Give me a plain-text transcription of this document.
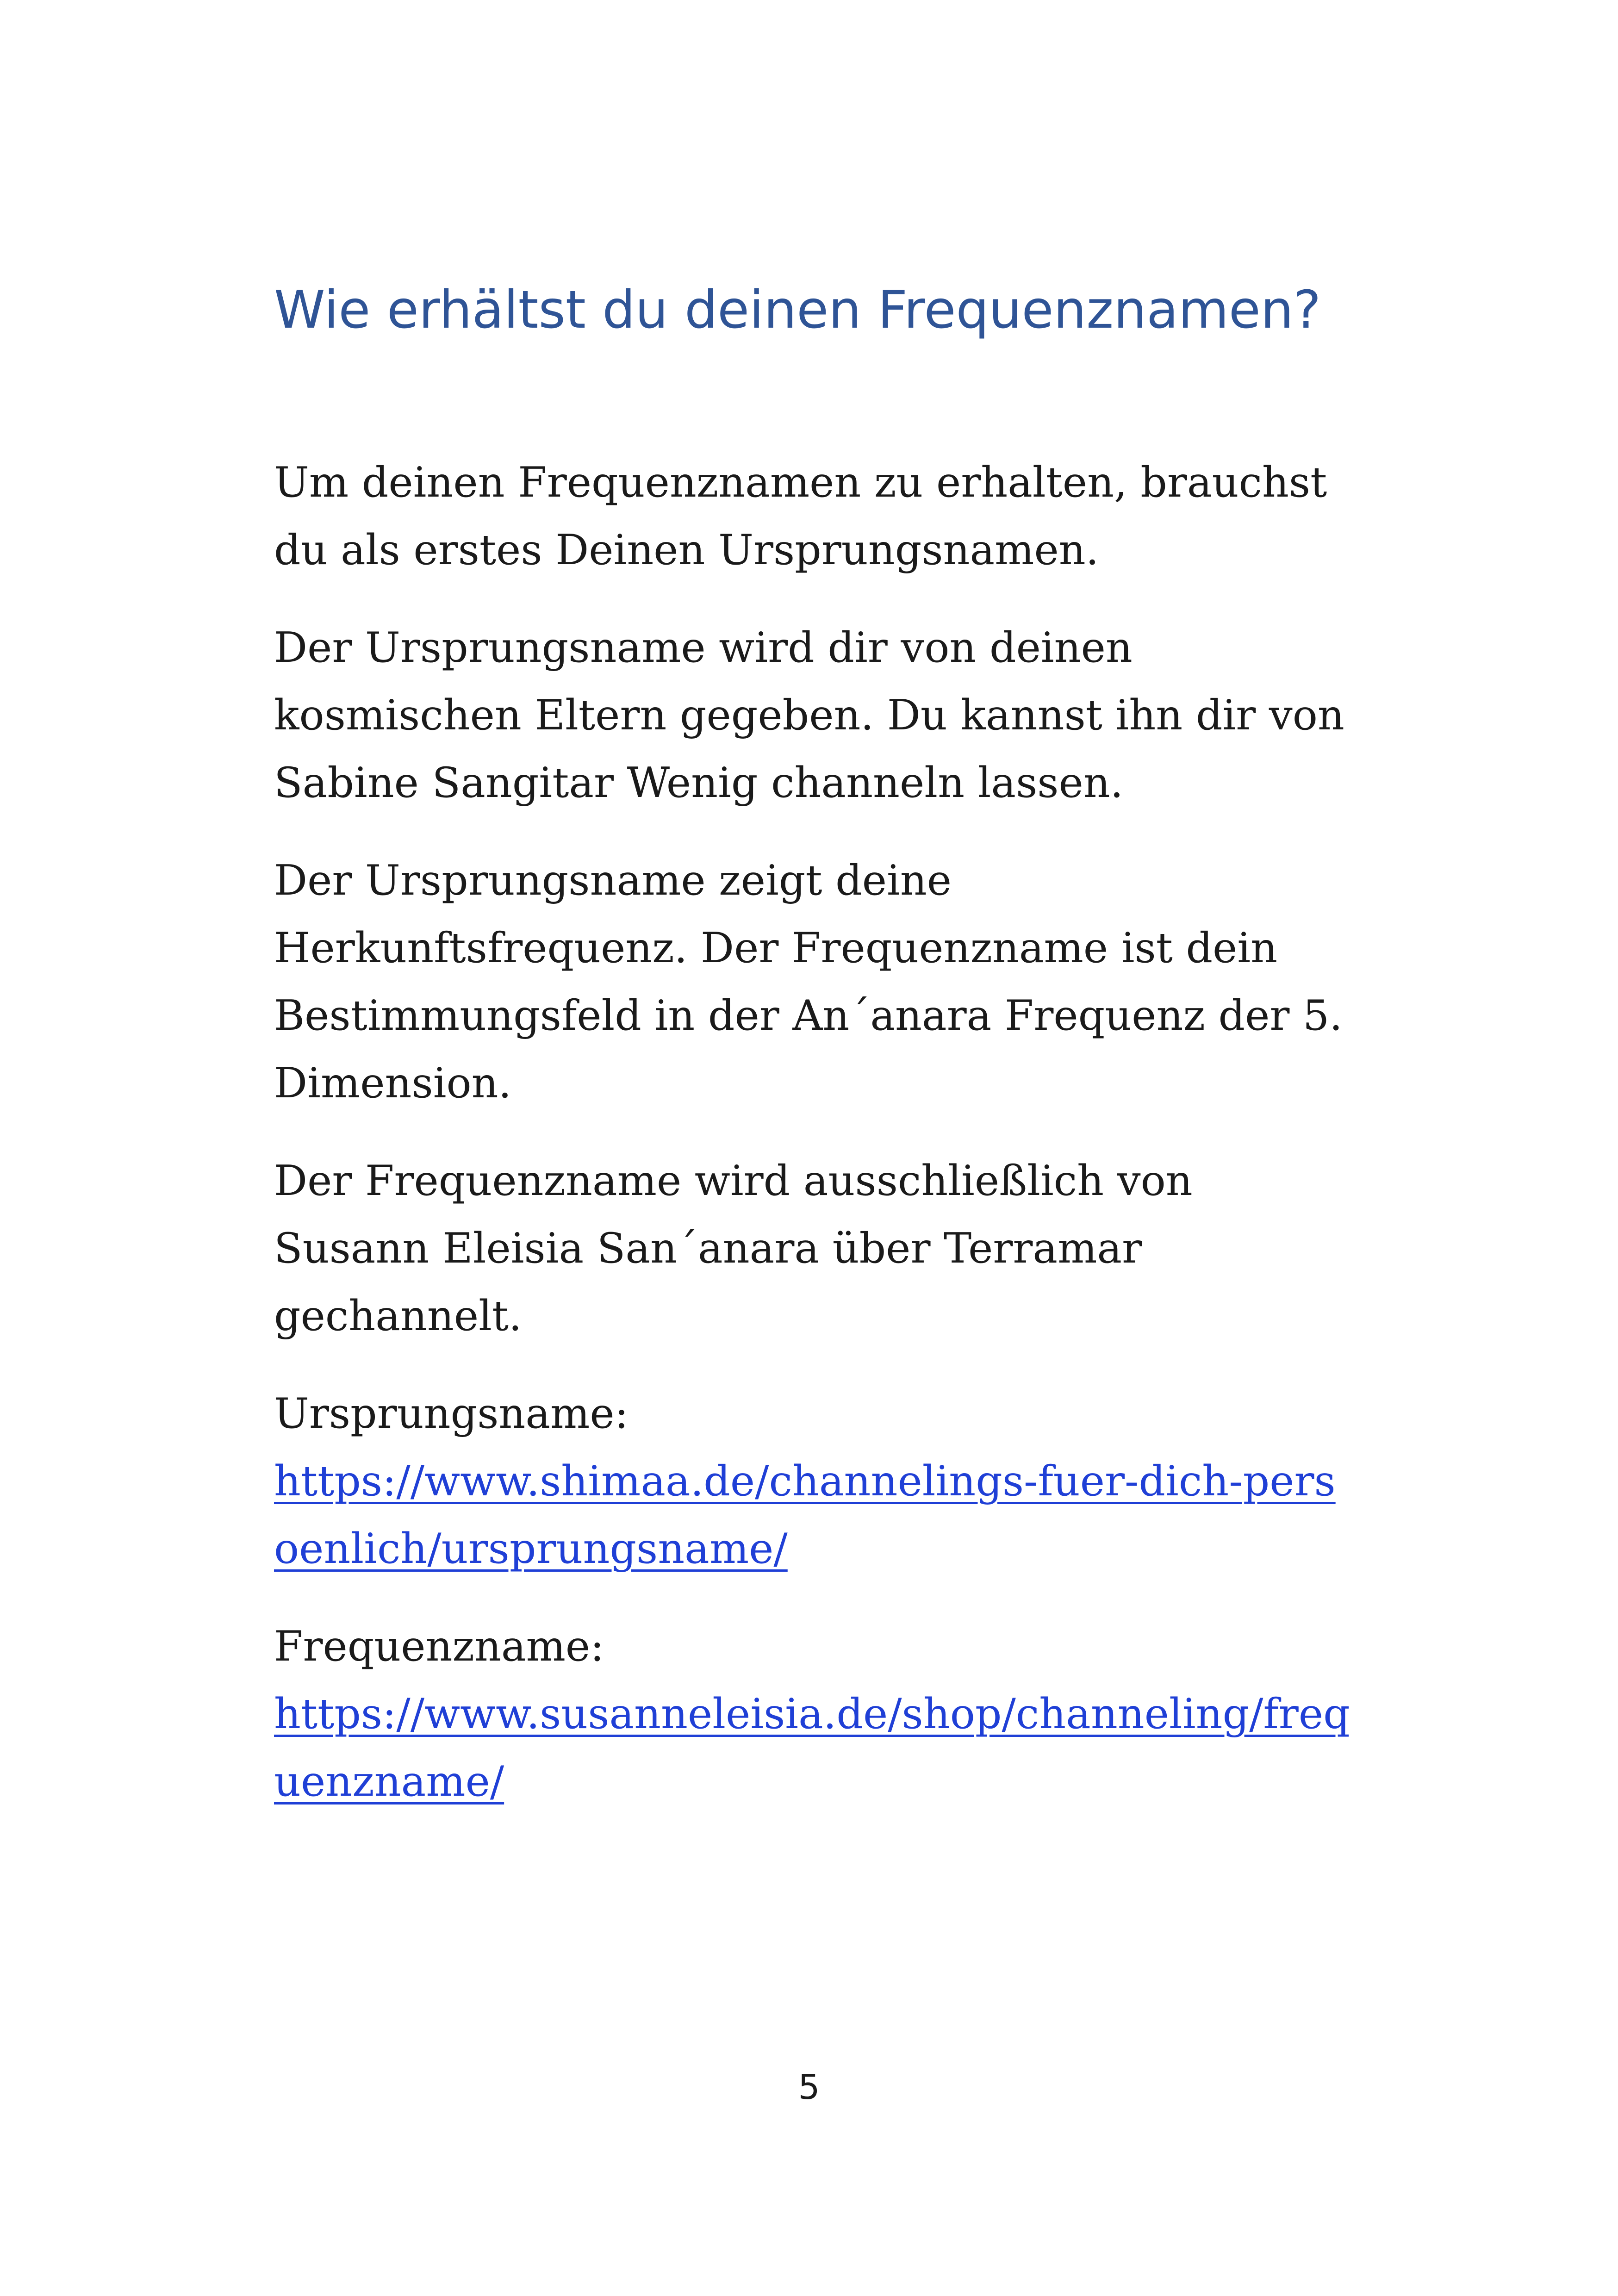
Wie erhältst du deinen Frequenznamen?

Um deinen Frequenznamen zu erhalten, brauchst du als erstes Deinen Ursprungsnamen.

Der Ursprungsname wird dir von deinen kosmischen Eltern gegeben. Du kannst ihn dir von Sabine Sangitar Wenig channeln lassen.

Der Ursprungsname zeigt deine Herkunftsfrequenz. Der Frequenzname ist dein Bestimmungsfeld in der An´anara Frequenz der 5. Dimension.

Der Frequenzname wird ausschließlich von Susann Eleisia San´anara über Terramar gechannelt.

Ursprungsname:
https://www.shimaa.de/channelings-fuer-dich-persoenlich/ursprungsname/

Frequenzname:
https://www.susanneleisia.de/shop/channeling/frequenzname/

5
